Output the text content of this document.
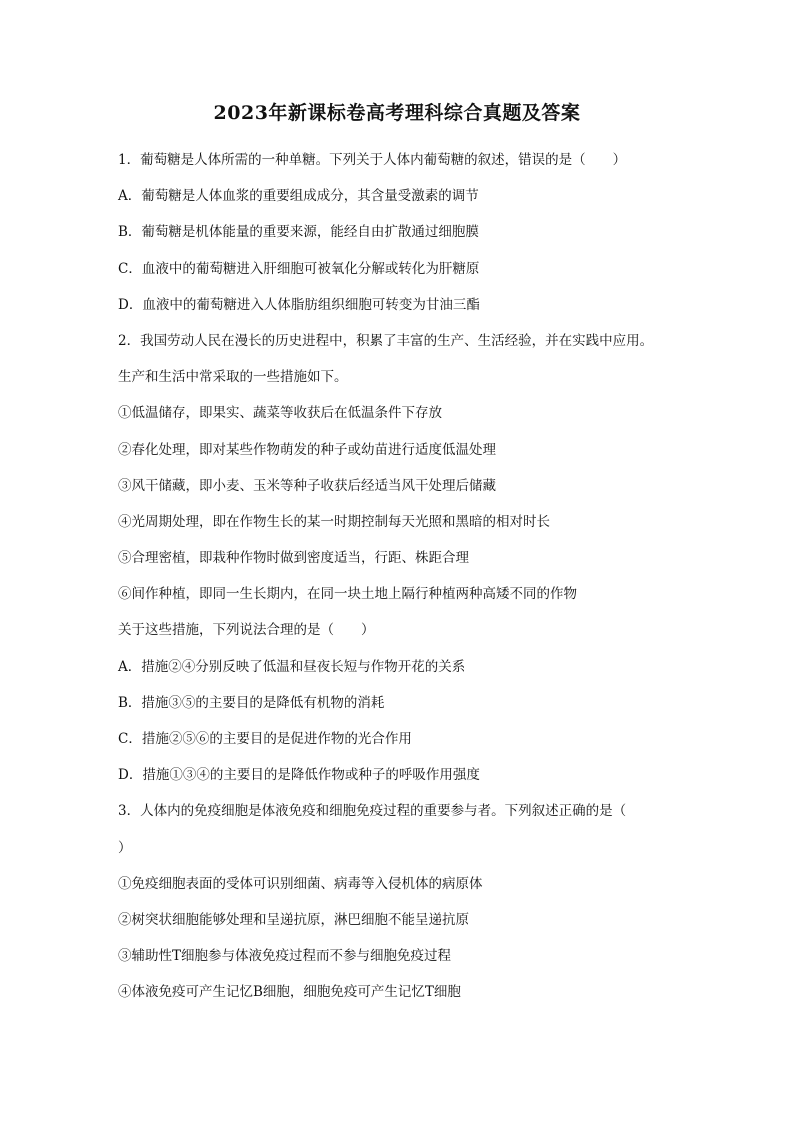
2023年新课标卷高考理科综合真题及答案
1．葡萄糖是人体所需的一种单糖。下列关于人体内葡萄糖的叙述，错误的是（　　）
A．葡萄糖是人体血浆的重要组成成分，其含量受激素的调节
B．葡萄糖是机体能量的重要来源，能经自由扩散通过细胞膜
C．血液中的葡萄糖进入肝细胞可被氧化分解或转化为肝糖原
D．血液中的葡萄糖进入人体脂肪组织细胞可转变为甘油三酯
2．我国劳动人民在漫长的历史进程中，积累了丰富的生产、生活经验，并在实践中应用。
生产和生活中常采取的一些措施如下。
①低温储存，即果实、蔬菜等收获后在低温条件下存放
②春化处理，即对某些作物萌发的种子或幼苗进行适度低温处理
③风干储藏，即小麦、玉米等种子收获后经适当风干处理后储藏
④光周期处理，即在作物生长的某一时期控制每天光照和黑暗的相对时长
⑤合理密植，即栽种作物时做到密度适当，行距、株距合理
⑥间作种植，即同一生长期内，在同一块土地上隔行种植两种高矮不同的作物
关于这些措施，下列说法合理的是（　　）
A．措施②④分别反映了低温和昼夜长短与作物开花的关系
B．措施③⑤的主要目的是降低有机物的消耗
C．措施②⑤⑥的主要目的是促进作物的光合作用
D．措施①③④的主要目的是降低作物或种子的呼吸作用强度
3．人体内的免疫细胞是体液免疫和细胞免疫过程的重要参与者。下列叙述正确的是（
）
①免疫细胞表面的受体可识别细菌、病毒等入侵机体的病原体
②树突状细胞能够处理和呈递抗原，淋巴细胞不能呈递抗原
③辅助性T细胞参与体液免疫过程而不参与细胞免疫过程
④体液免疫可产生记忆B细胞，细胞免疫可产生记忆T细胞
